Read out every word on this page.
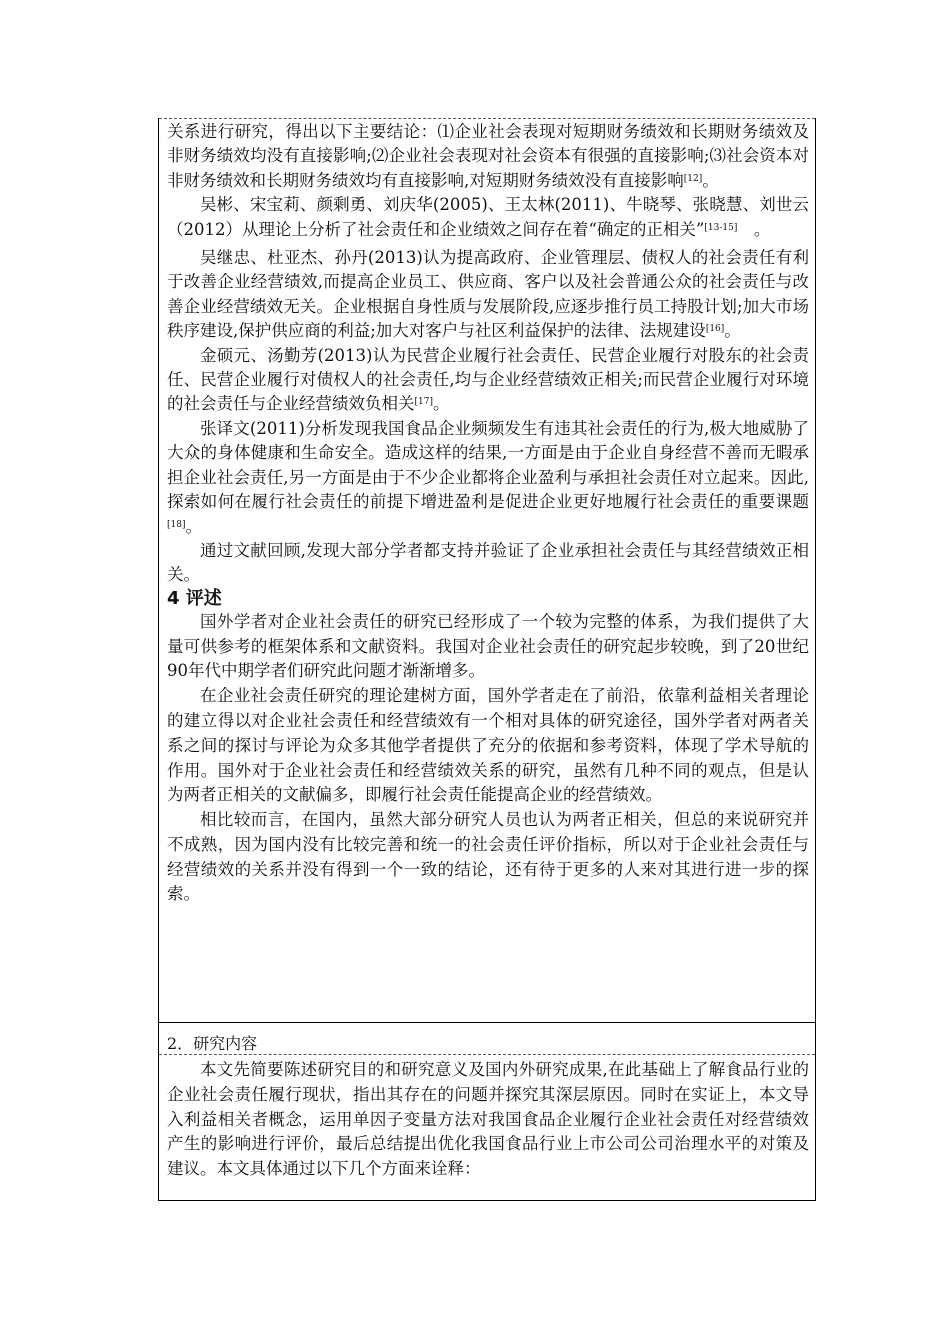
关系进行研究，得出以下主要结论：⑴企业社会表现对短期财务绩效和长期财务绩效及非财务绩效均没有直接影响;⑵企业社会表现对社会资本有很强的直接影响;⑶社会资本对非财务绩效和长期财务绩效均有直接影响,对短期财务绩效没有直接影响[12]。

吴彬、宋宝莉、颜剩勇、刘庆华(2005)、王太林(2011)、牛晓琴、张晓慧、刘世云（2012）从理论上分析了社会责任和企业绩效之间存在着“确定的正相关”[13-15]　。

吴继忠、杜亚杰、孙丹(2013)认为提高政府、企业管理层、债权人的社会责任有利于改善企业经营绩效,而提高企业员工、供应商、客户以及社会普通公众的社会责任与改善企业经营绩效无关。企业根据自身性质与发展阶段,应逐步推行员工持股计划;加大市场秩序建设,保护供应商的利益;加大对客户与社区利益保护的法律、法规建设[16]。

金硕元、汤勤芳(2013)认为民营企业履行社会责任、民营企业履行对股东的社会责任、民营企业履行对债权人的社会责任,均与企业经营绩效正相关;而民营企业履行对环境的社会责任与企业经营绩效负相关[17]。

张译文(2011)分析发现我国食品企业频频发生有违其社会责任的行为,极大地威胁了大众的身体健康和生命安全。造成这样的结果,一方面是由于企业自身经营不善而无暇承担企业社会责任,另一方面是由于不少企业都将企业盈利与承担社会责任对立起来。因此,探索如何在履行社会责任的前提下增进盈利是促进企业更好地履行社会责任的重要课题[18]。

通过文献回顾,发现大部分学者都支持并验证了企业承担社会责任与其经营绩效正相关。

4 评述

国外学者对企业社会责任的研究已经形成了一个较为完整的体系，为我们提供了大量可供参考的框架体系和文献资料。我国对企业社会责任的研究起步较晚，到了20世纪90年代中期学者们研究此问题才渐渐增多。

在企业社会责任研究的理论建树方面，国外学者走在了前沿，依靠利益相关者理论的建立得以对企业社会责任和经营绩效有一个相对具体的研究途径，国外学者对两者关系之间的探讨与评论为众多其他学者提供了充分的依据和参考资料，体现了学术导航的作用。国外对于企业社会责任和经营绩效关系的研究，虽然有几种不同的观点，但是认为两者正相关的文献偏多，即履行社会责任能提高企业的经营绩效。

相比较而言，在国内，虽然大部分研究人员也认为两者正相关，但总的来说研究并不成熟，因为国内没有比较完善和统一的社会责任评价指标，所以对于企业社会责任与经营绩效的关系并没有得到一个一致的结论，还有待于更多的人来对其进行进一步的探索。

2．研究内容

本文先简要陈述研究目的和研究意义及国内外研究成果,在此基础上了解食品行业的企业社会责任履行现状，指出其存在的问题并探究其深层原因。同时在实证上，本文导入利益相关者概念，运用单因子变量方法对我国食品企业履行企业社会责任对经营绩效产生的影响进行评价，最后总结提出优化我国食品行业上市公司公司治理水平的对策及建议。本文具体通过以下几个方面来诠释：
